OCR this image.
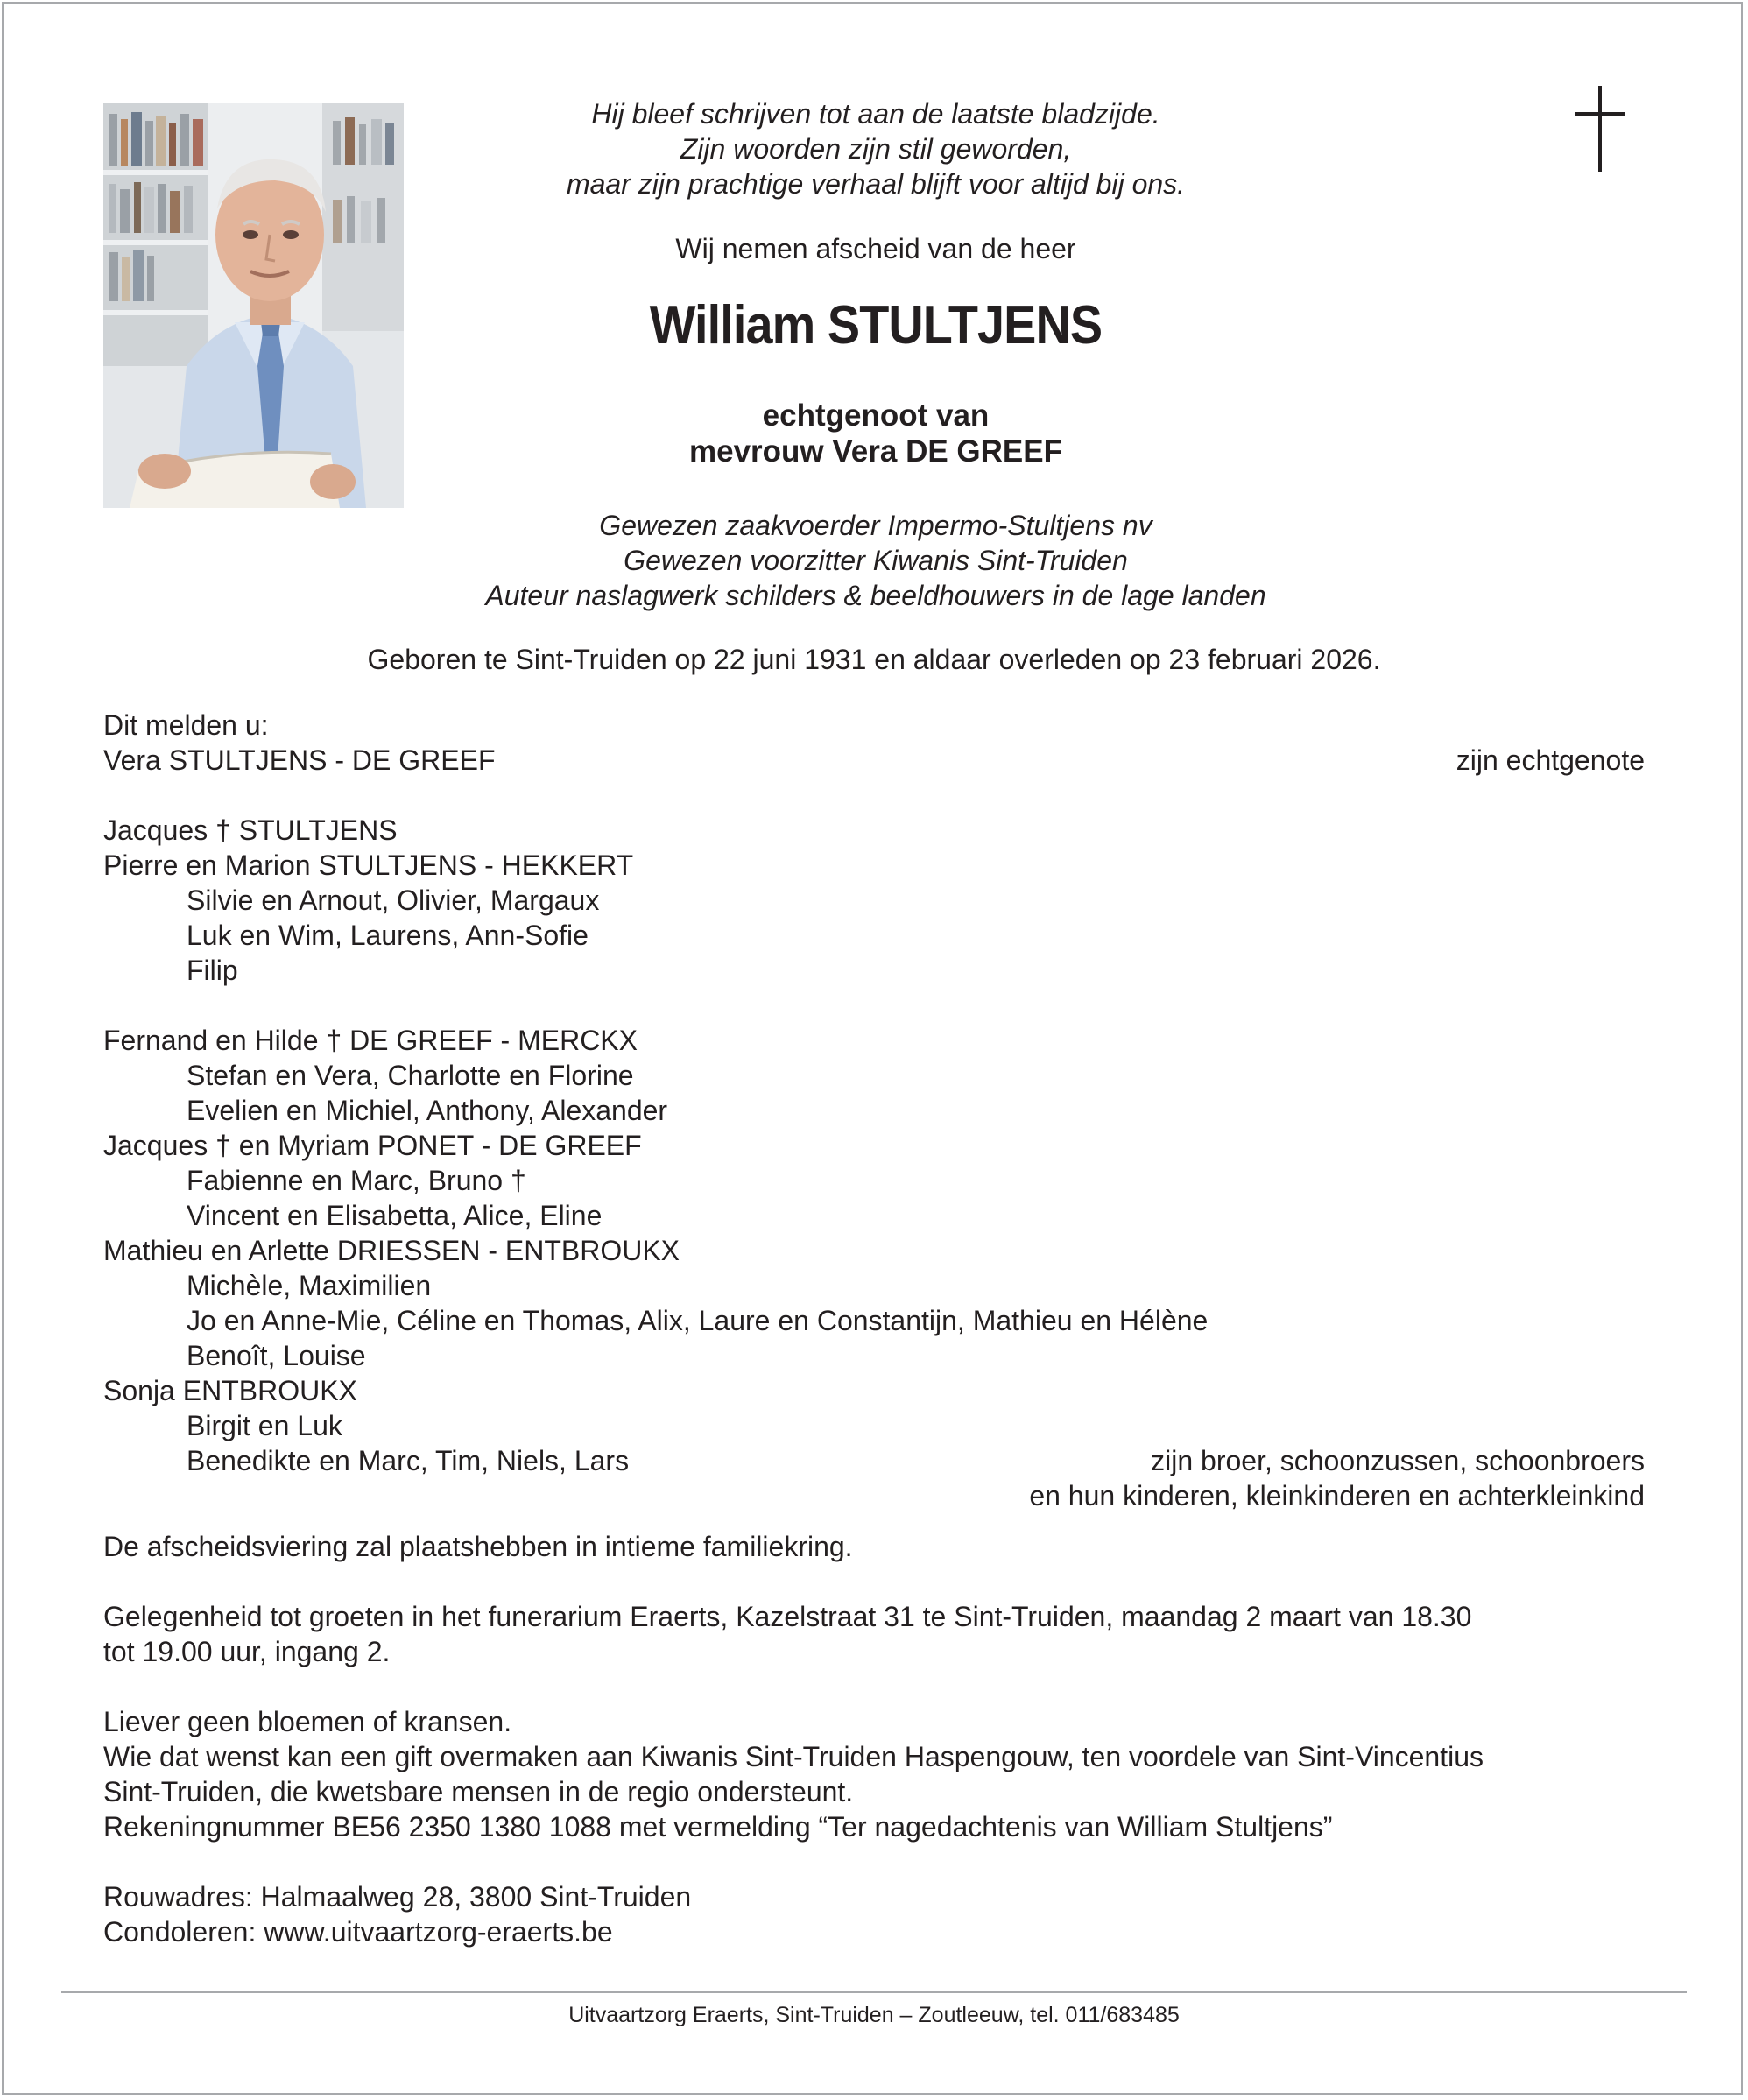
Hij bleef schrijven tot aan de laatste bladzijde.
Zijn woorden zijn stil geworden,
maar zijn prachtige verhaal blijft voor altijd bij ons.
Wij nemen afscheid van de heer
William STULTJENS
echtgenoot van
mevrouw Vera DE GREEF
Gewezen zaakvoerder Impermo-Stultjens nv
Gewezen voorzitter Kiwanis Sint-Truiden
Auteur naslagwerk schilders & beeldhouwers in de lage landen
Geboren te Sint-Truiden op 22 juni 1931 en aldaar overleden op 23 februari 2026.
Dit melden u:
Vera STULTJENS - DE GREEF	zijn echtgenote
Jacques † STULTJENS
Pierre en Marion STULTJENS - HEKKERT
Silvie en Arnout, Olivier, Margaux
Luk en Wim, Laurens, Ann-Sofie
Filip
Fernand en Hilde † DE GREEF - MERCKX
Stefan en Vera, Charlotte en Florine
Evelien en Michiel, Anthony, Alexander
Jacques † en Myriam PONET - DE GREEF
Fabienne en Marc, Bruno †
Vincent en Elisabetta, Alice, Eline
Mathieu en Arlette DRIESSEN - ENTBROUKX
Michèle, Maximilien
Jo en Anne-Mie, Céline en Thomas, Alix, Laure en Constantijn, Mathieu en Hélène
Benoît, Louise
Sonja ENTBROUKX
Birgit en Luk
Benedikte en Marc, Tim, Niels, Lars	zijn broer, schoonzussen, schoonbroers
en hun kinderen, kleinkinderen en achterkleinkind

De afscheidsviering zal plaatshebben in intieme familiekring.

Gelegenheid tot groeten in het funerarium Eraerts, Kazelstraat 31 te Sint-Truiden, maandag 2 maart van 18.30
tot 19.00 uur, ingang 2.

Liever geen bloemen of kransen.
Wie dat wenst kan een gift overmaken aan Kiwanis Sint-Truiden Haspengouw, ten voordele van Sint-Vincentius
Sint-Truiden, die kwetsbare mensen in de regio ondersteunt.
Rekeningnummer BE56 2350 1380 1088 met vermelding “Ter nagedachtenis van William Stultjens”

Rouwadres: Halmaalweg 28, 3800 Sint-Truiden
Condoleren: www.uitvaartzorg-eraerts.be

Uitvaartzorg Eraerts, Sint-Truiden – Zoutleeuw, tel. 011/683485
